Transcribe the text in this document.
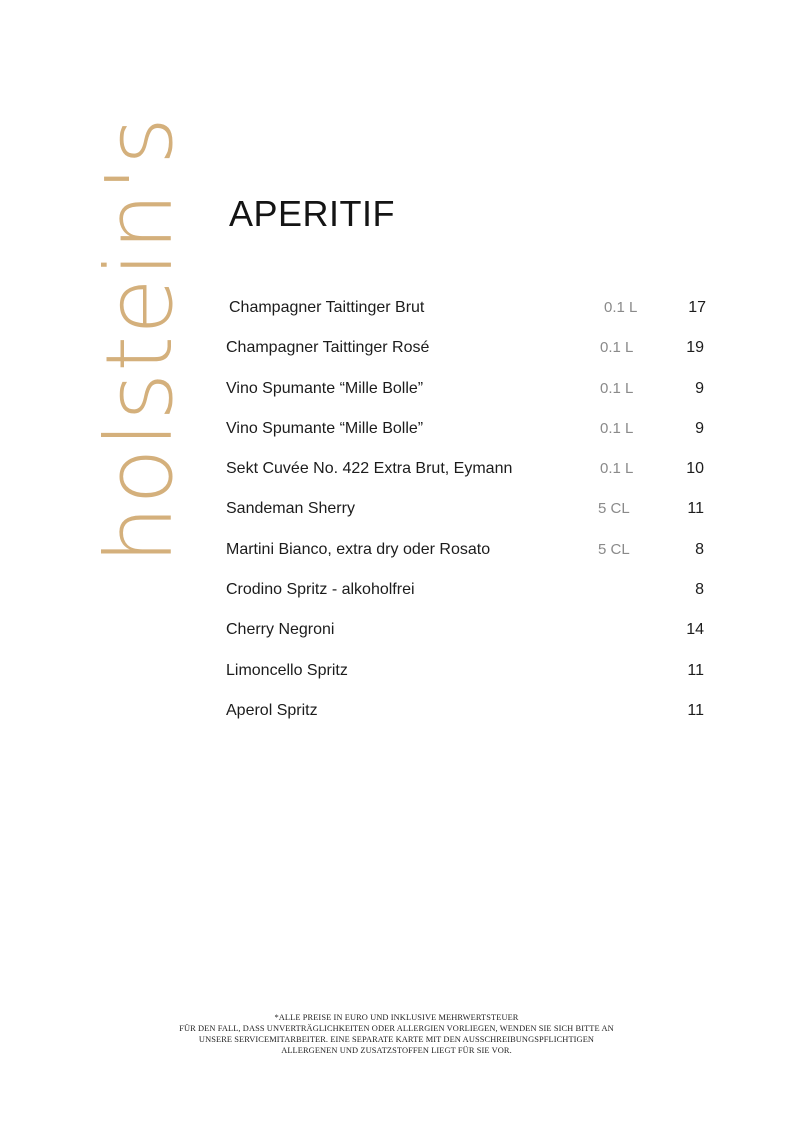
holstein's APERITIF
Champagner Taittinger Brut	0.1 L	17
Champagner Taittinger Rosé	0.1 L	19
Vino Spumante “Mille Bolle”	0.1 L	9
Vino Spumante “Mille Bolle”	0.1 L	9
Sekt Cuvée No. 422 Extra Brut, Eymann	0.1 L	10
Sandeman Sherry	5 CL	11
Martini Bianco, extra dry oder Rosato	5 CL	8
Crodino Spritz - alkoholfrei	8
Cherry Negroni	14
Limoncello Spritz	11
Aperol Spritz	11
*ALLE PREISE IN EURO UND INKLUSIVE MEHRWERTSTEUER
FÜR DEN FALL, DASS UNVERTRÄGLICHKEITEN ODER ALLERGIEN VORLIEGEN, WENDEN SIE SICH BITTE AN
UNSERE SERVICEMITARBEITER. EINE SEPARATE KARTE MIT DEN AUSSCHREIBUNGSPFLICHTIGEN
ALLERGENEN UND ZUSATZSTOFFEN LIEGT FÜR SIE VOR.
